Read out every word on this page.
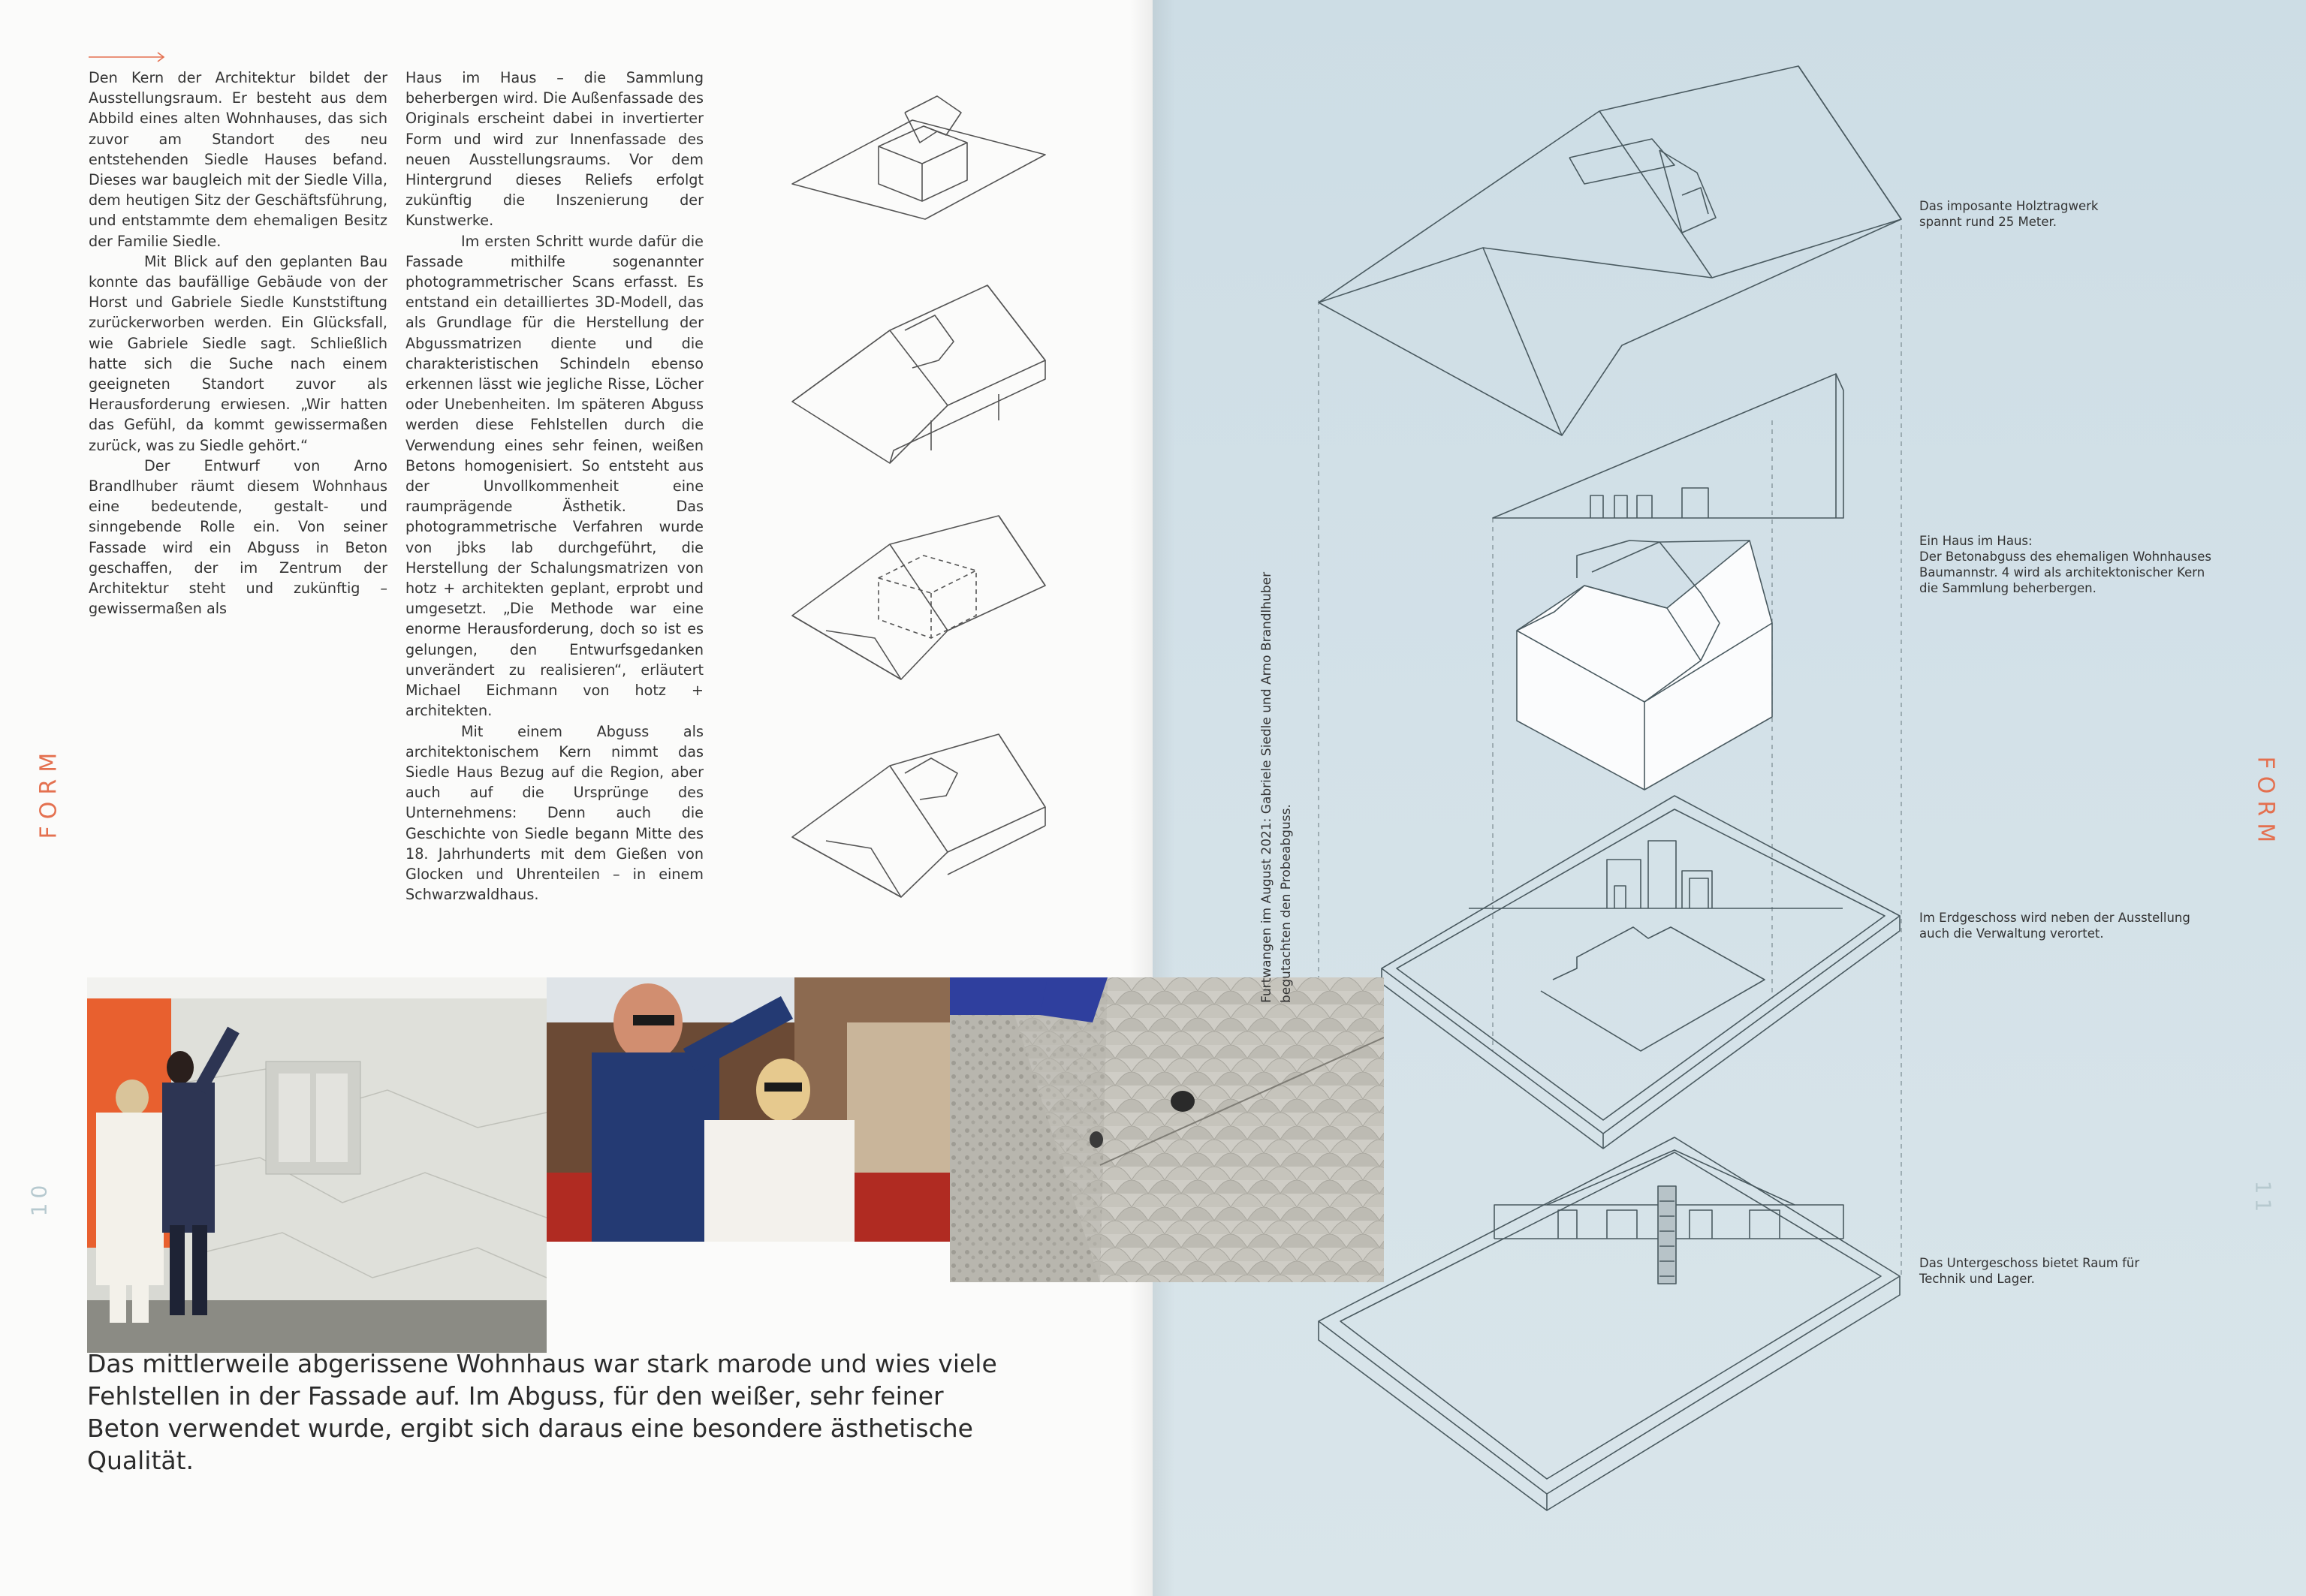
Den Kern der Architektur bildet der Ausstellungsraum. Er besteht aus dem Abbild eines alten Wohnhauses, das sich zuvor am Standort des neu entstehenden Siedle Hauses befand. Dieses war baugleich mit der Siedle Villa, dem heutigen Sitz der Geschäftsführung, und entstammte dem ehemaligen Besitz der Familie Siedle.

Mit Blick auf den geplanten Bau konnte das baufällige Gebäude von der Horst und Gabriele Siedle Kunststiftung zurückerworben werden. Ein Glücksfall, wie Gabriele Siedle sagt. Schließlich hatte sich die Suche nach einem geeigneten Standort zuvor als Herausforderung erwiesen. „Wir hatten das Gefühl, da kommt gewissermaßen zurück, was zu Siedle gehört.“

Der Entwurf von Arno Brandlhuber räumt diesem Wohnhaus eine bedeutende, gestalt- und sinngebende Rolle ein. Von seiner Fassade wird ein Abguss in Beton geschaffen, der im Zentrum der Architektur steht und zukünftig – gewissermaßen als

Haus im Haus – die Sammlung beherbergen wird. Die Außenfassade des Originals erscheint dabei in invertierter Form und wird zur Innenfassade des neuen Ausstellungsraums. Vor dem Hintergrund dieses Reliefs erfolgt zukünftig die Inszenierung der Kunstwerke.

Im ersten Schritt wurde dafür die Fassade mithilfe sogenannter photogrammetrischer Scans erfasst. Es entstand ein detailliertes 3D-Modell, das als Grundlage für die Herstellung der Abgussmatrizen diente und die charakteristischen Schindeln ebenso erkennen lässt wie jegliche Risse, Löcher oder Unebenheiten. Im späteren Abguss werden diese Fehlstellen durch die Verwendung eines sehr feinen, weißen Betons homogenisiert. So entsteht aus der Unvollkommenheit eine raumprägende Ästhetik. Das photogrammetrische Verfahren wurde von jbks lab durchgeführt, die Herstellung der Schalungsmatrizen von hotz + architekten geplant, erprobt und umgesetzt. „Die Methode war eine enorme Herausforderung, doch so ist es gelungen, den Entwurfsgedanken unverändert zu realisieren“, erläutert Michael Eichmann von hotz + architekten.

Mit einem Abguss als architektonischem Kern nimmt das Siedle Haus Bezug auf die Region, aber auch auf die Ursprünge des Unternehmens: Denn auch die Geschichte von Siedle begann Mitte des 18. Jahrhunderts mit dem Gießen von Glocken und Uhrenteilen – in einem Schwarzwaldhaus.

FORM	FORM
10	11
Das mittlerweile abgerissene Wohnhaus war stark marode und wies viele Fehlstellen in der Fassade auf. Im Abguss, für den weißer, sehr feiner Beton verwendet wurde, ergibt sich daraus eine besondere ästhetische Qualität.
Furtwangen im August 2021: Gabriele Siedle und Arno Brandlhuber begutachten den Probeabguss.

Das imposante Holztragwerk

spannt rund 25 Meter.

Ein Haus im Haus:

Der Betonabguss des ehemaligen Wohnhauses

Baumannstr. 4 wird als architektonischer Kern

die Sammlung beherbergen.

Im Erdgeschoss wird neben der Ausstellung

auch die Verwaltung verortet.

Das Untergeschoss bietet Raum für

Technik und Lager.
